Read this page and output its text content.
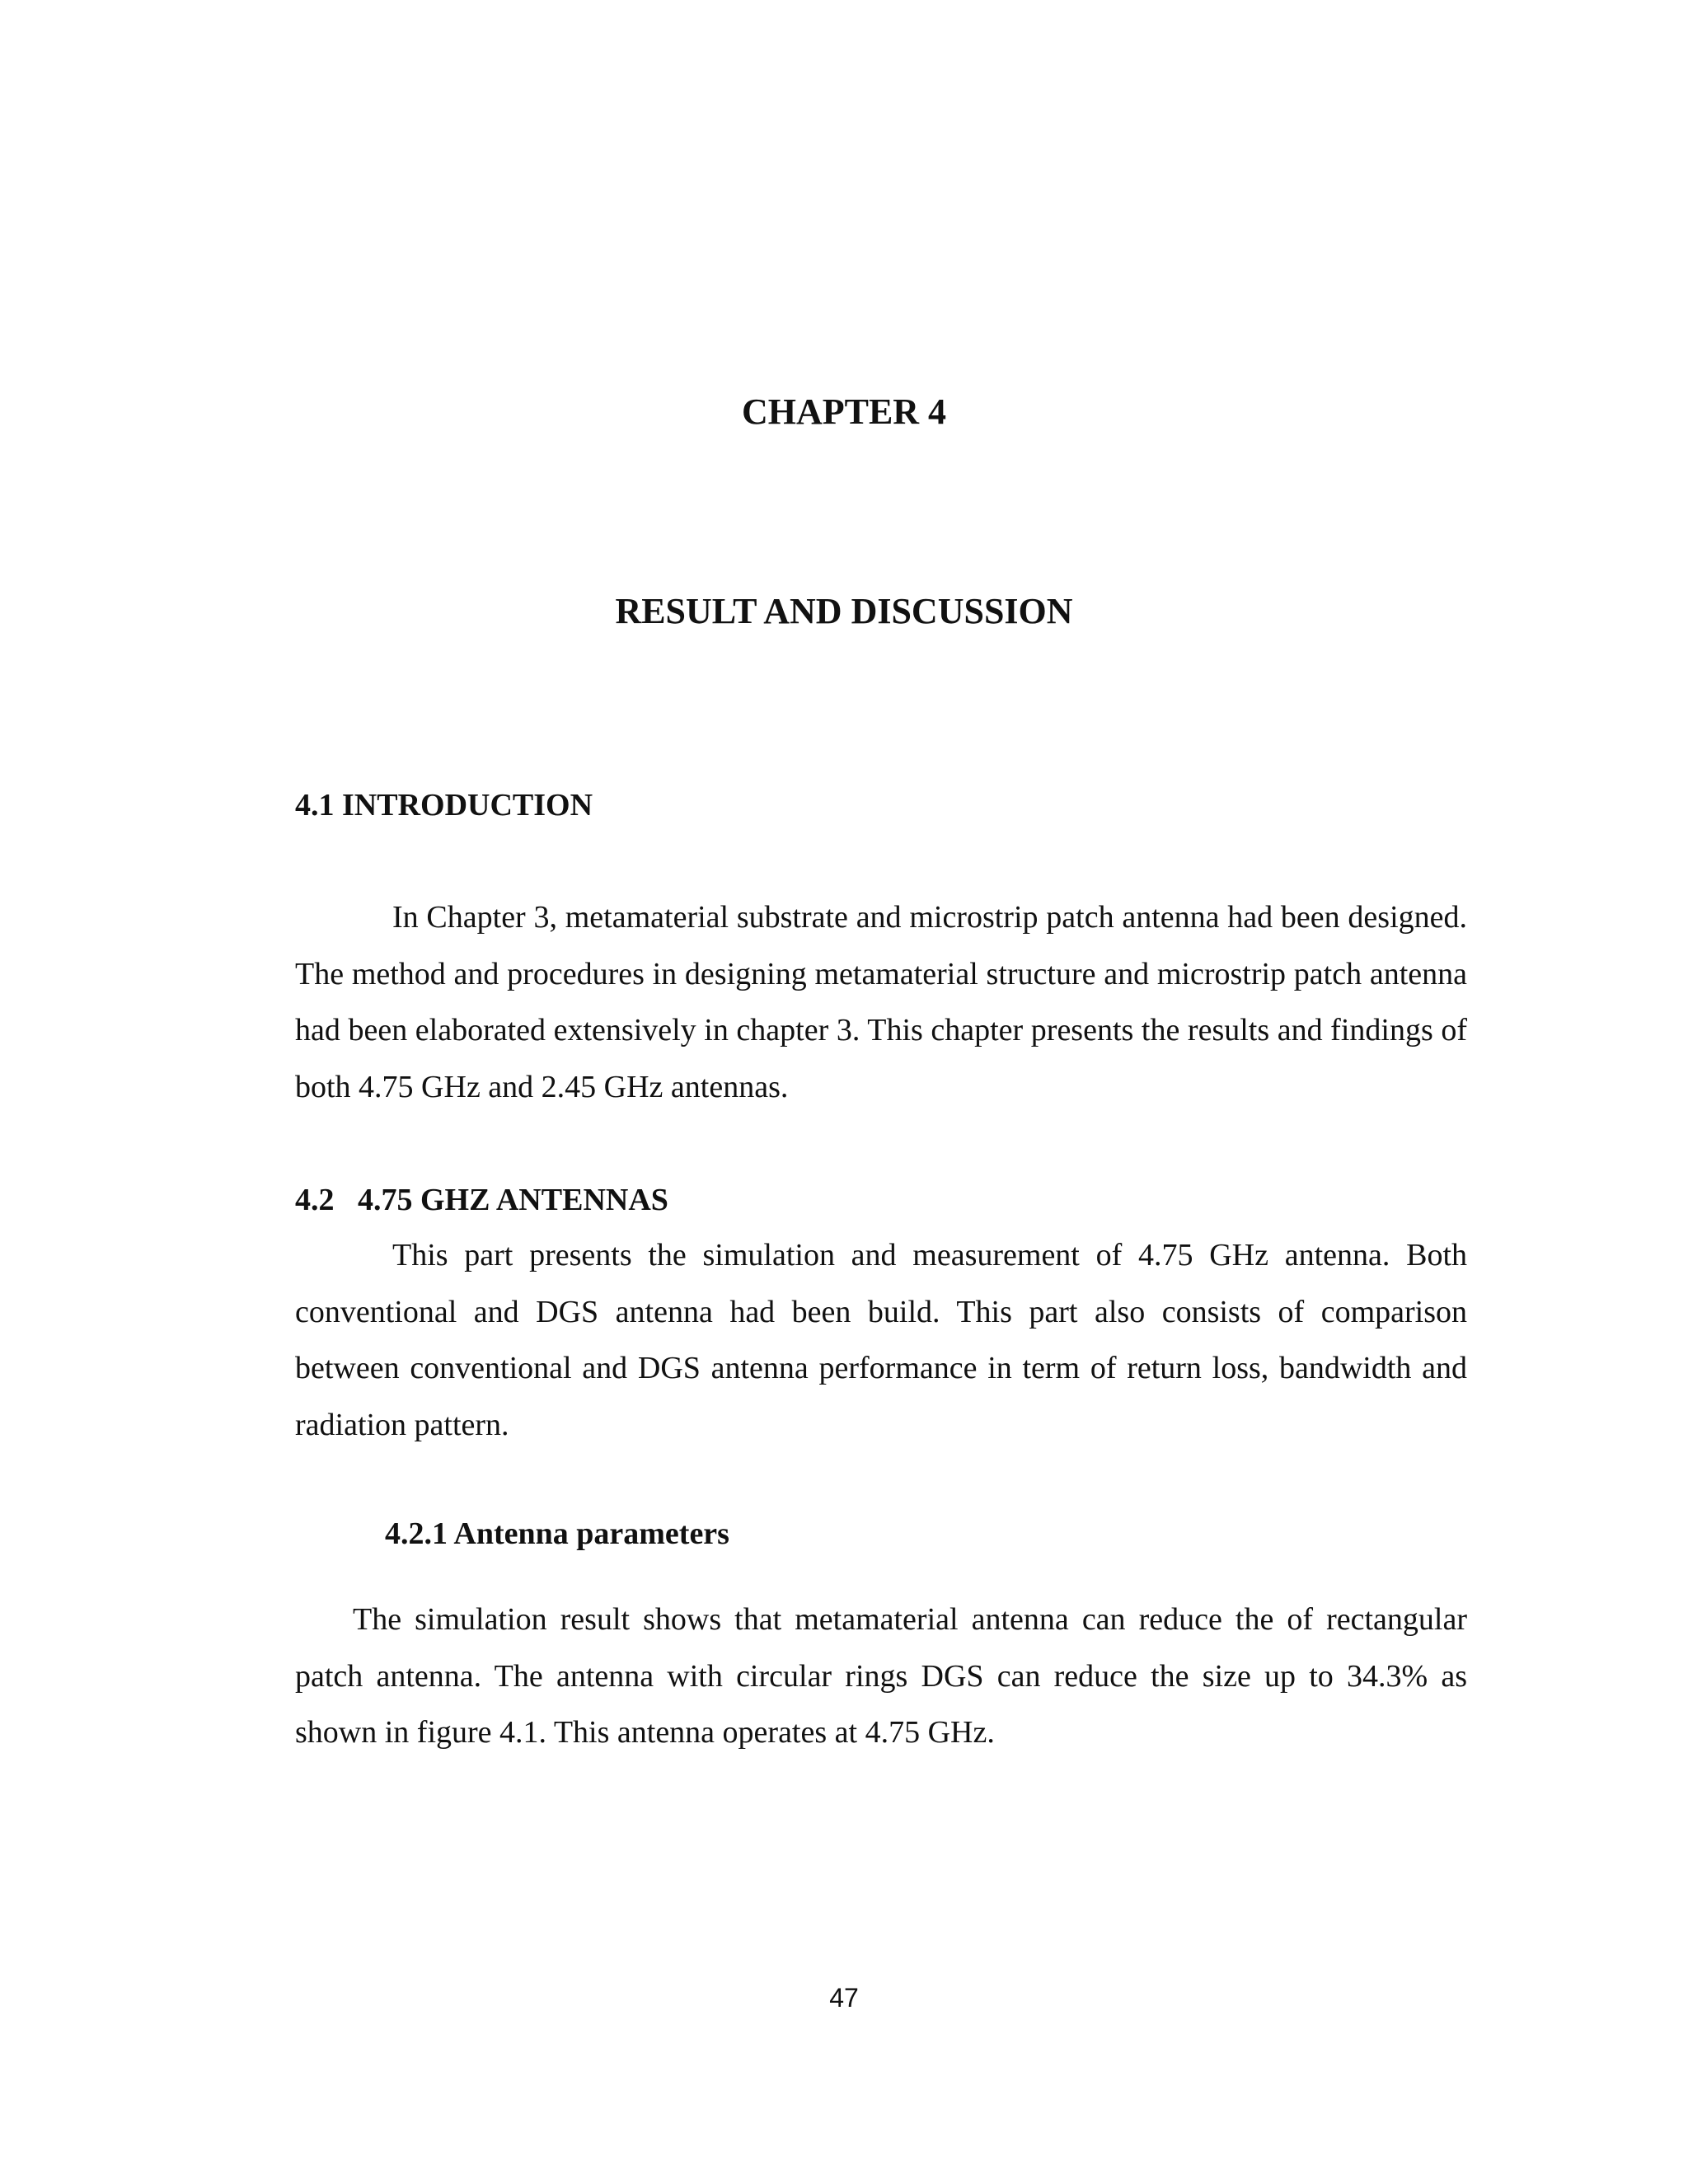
CHAPTER 4
RESULT AND DISCUSSION
4.1 INTRODUCTION

In Chapter 3, metamaterial substrate and microstrip patch antenna had been designed. The method and procedures in designing metamaterial structure and microstrip patch antenna had been elaborated extensively in chapter 3. This chapter presents the results and findings of both 4.75 GHz and 2.45 GHz antennas.

4.2   4.75 GHZ ANTENNAS

This part presents the simulation and measurement of 4.75 GHz antenna. Both conventional and DGS antenna had been build. This part also consists of comparison between conventional and DGS antenna performance in term of return loss, bandwidth and radiation pattern.

4.2.1 Antenna parameters

The simulation result shows that metamaterial antenna can reduce the of rectangular patch antenna. The antenna with circular rings DGS can reduce the size up to 34.3% as shown in figure 4.1. This antenna operates at 4.75 GHz.

47
